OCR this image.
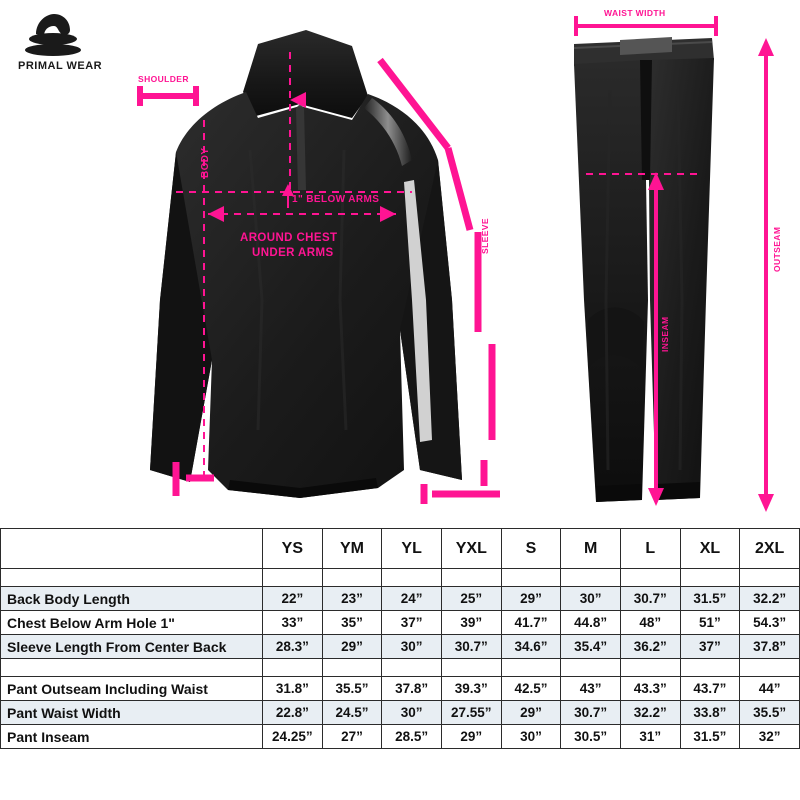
PRIMAL WEAR
SHOULDER
BODY
1" BELOW ARMS
AROUND CHEST
UNDER ARMS	SLEEVE
WAIST WIDTH
OUTSEAM
INSEAM
	YS	YM	YL	YXL	S	M	L	XL	2XL

Back Body Length	22”	23”	24”	25”	29”	30”	30.7”	31.5”	32.2”
Chest Below Arm Hole 1"	33”	35”	37”	39”	41.7”	44.8”	48”	51”	54.3”
Sleeve Length From Center Back	28.3”	29”	30”	30.7”	34.6”	35.4”	36.2”	37”	37.8”

Pant Outseam Including Waist	31.8”	35.5”	37.8”	39.3”	42.5”	43”	43.3”	43.7”	44”
Pant Waist Width	22.8”	24.5”	30”	27.55”	29”	30.7”	32.2”	33.8”	35.5”
Pant Inseam	24.25”	27”	28.5”	29”	30”	30.5”	31”	31.5”	32”
